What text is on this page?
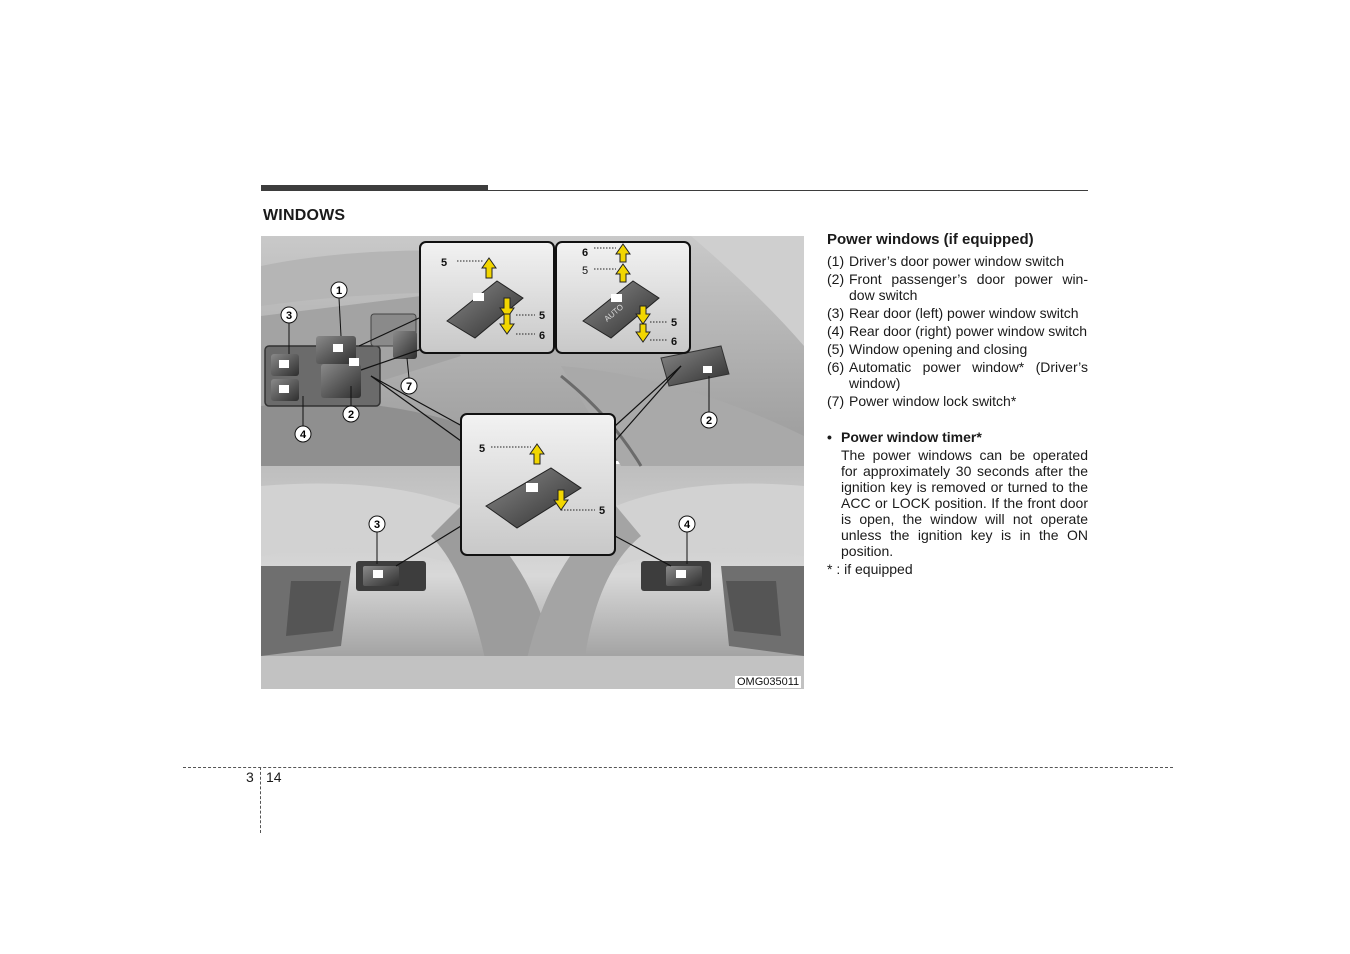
WINDOWS
AUTO
1
3
4
2
7
2
3	4
5
5
6
6
5
5
6
5
5
OMG035011
Power windows (if equipped)
(1) Driver’s door power window switch
(2) Front passenger’s door power win-dow switch
(3) Rear door (left) power window switch
(4) Rear door (right) power window switch
(5) Window opening and closing
(6) Automatic power window* (Driver’s window)
(7) Power window lock switch*
• Power window timer*
The power windows can be operated for approximately 30 seconds after the ignition key is removed or turned to the ACC or LOCK position. If the front door is open, the window will not operate unless the ignition key is in the ON position.
* : if equipped
3 14
